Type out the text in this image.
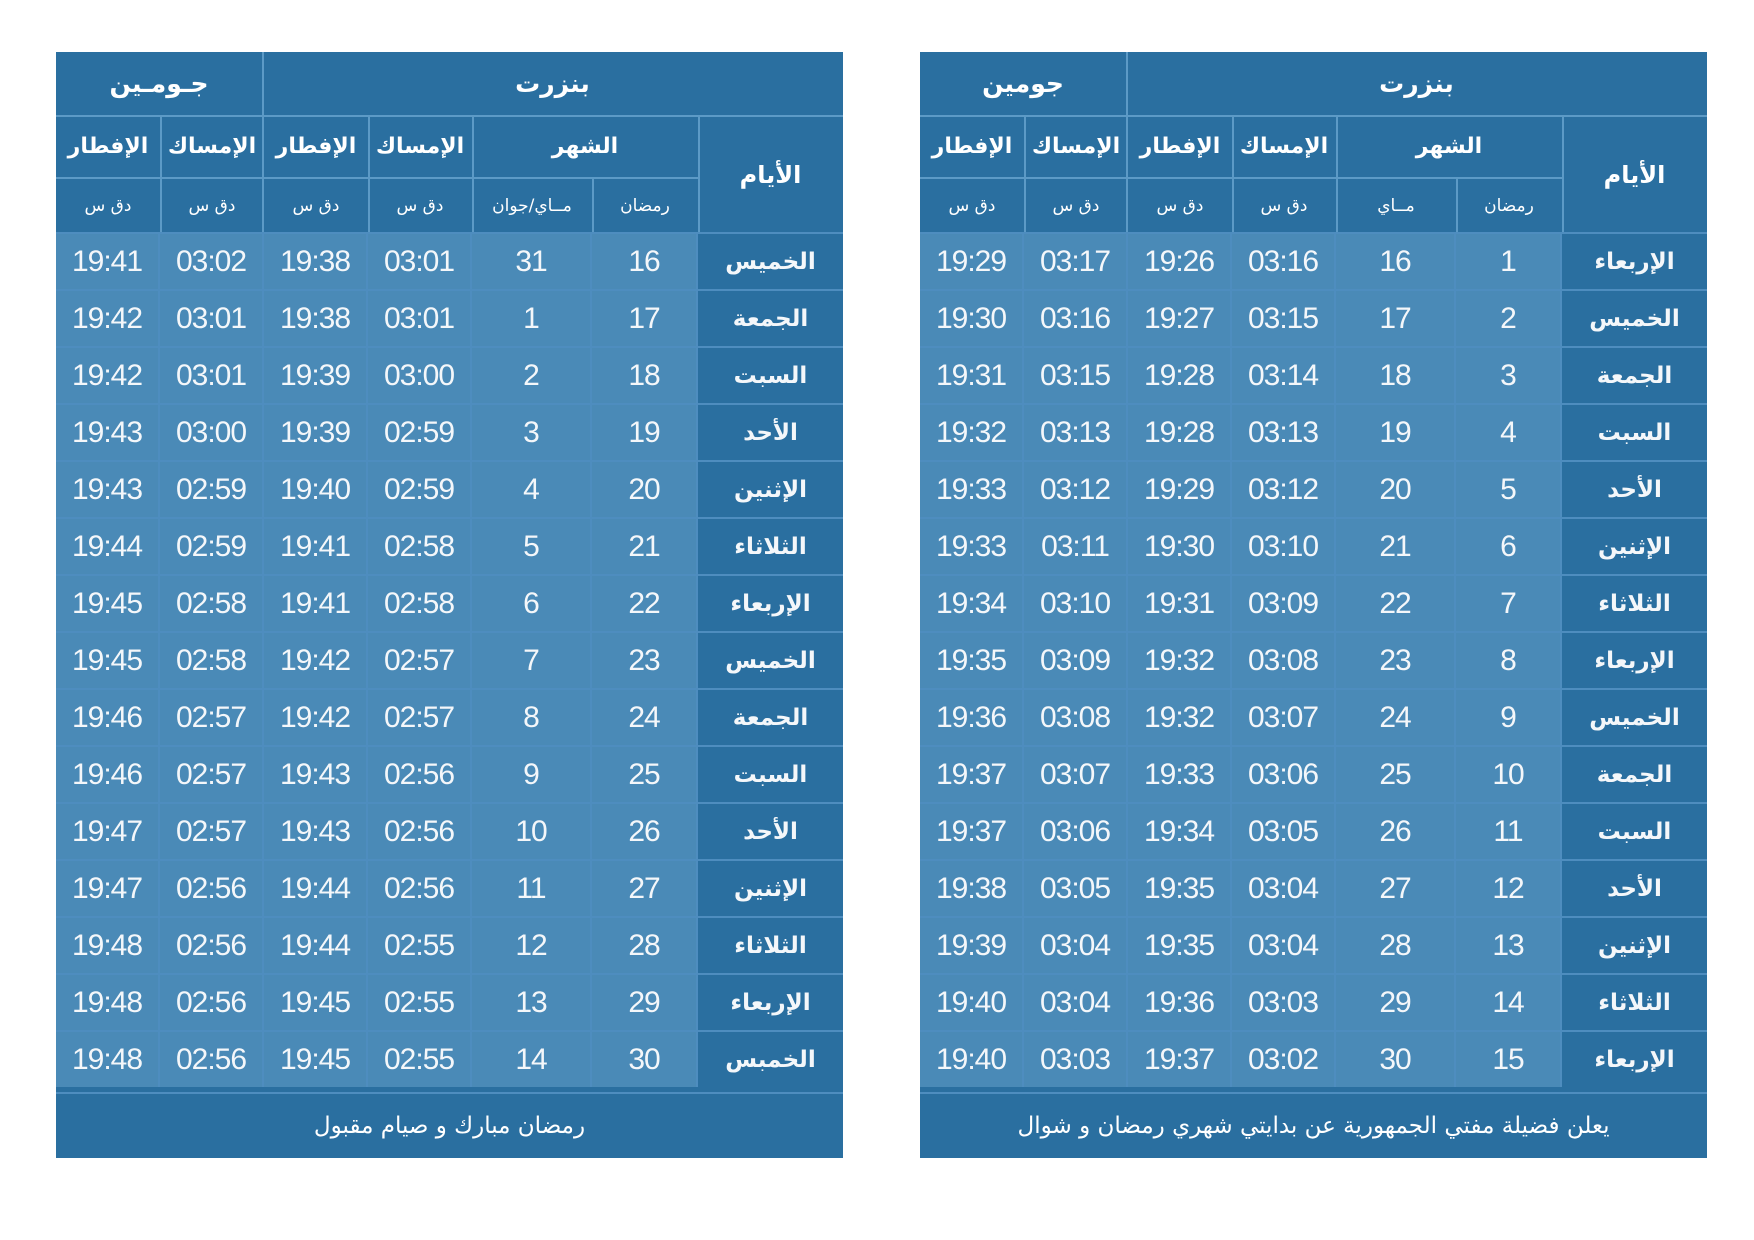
جـومـين	بنزرت
الإفطار الإمساك الإفطار الإمساك	الشهر
الأيام
دق س	دق س	دق س	دق س	مــاي/جوان	رمضان
19:41	03:02	19:38	03:01	31	16	الخميس
19:42	03:01	19:38	03:01	1	17	الجمعة
19:42	03:01	19:39	03:00	2	18	السبت
19:43	03:00	19:39	02:59	3	19	الأحد
19:43	02:59	19:40	02:59	4	20	الإثنين
19:44	02:59	19:41	02:58	5	21	الثلاثاء
19:45	02:58	19:41	02:58	6	22	الإربعاء
19:45	02:58	19:42	02:57	7	23	الخميس
19:46	02:57	19:42	02:57	8	24	الجمعة
19:46	02:57	19:43	02:56	9	25	السبت
19:47	02:57	19:43	02:56	10	26	الأحد
19:47	02:56	19:44	02:56	11	27	الإثنين
19:48	02:56	19:44	02:55	12	28	الثلاثاء
19:48	02:56	19:45	02:55	13	29	الإربعاء
19:48	02:56	19:45	02:55	14	30	الخمبس
رمضان مبارك و صيام مقبول
جومين	بنزرت
الإفطار الإمساك الإفطار الإمساك	الشهر
الأيام
دق س	دق س	دق س	دق س	مــاي	رمضان
19:29	03:17	19:26	03:16	16	1	الإربعاء
19:30	03:16	19:27	03:15	17	2	الخميس
19:31	03:15	19:28	03:14	18	3	الجمعة
19:32	03:13	19:28	03:13	19	4	السبت
19:33	03:12	19:29	03:12	20	5	الأحد
19:33	03:11	19:30	03:10	21	6	الإثنين
19:34	03:10	19:31	03:09	22	7	الثلاثاء
19:35	03:09	19:32	03:08	23	8	الإربعاء
19:36	03:08	19:32	03:07	24	9	الخميس
19:37	03:07	19:33	03:06	25	10	الجمعة
19:37	03:06	19:34	03:05	26	11	السبت
19:38	03:05	19:35	03:04	27	12	الأحد
19:39	03:04	19:35	03:04	28	13	الإثنين
19:40	03:04	19:36	03:03	29	14	الثلاثاء
19:40	03:03	19:37	03:02	30	15	الإربعاء
يعلن فضيلة مفتي الجمهورية عن بدايتي شهري رمضان و شوال
